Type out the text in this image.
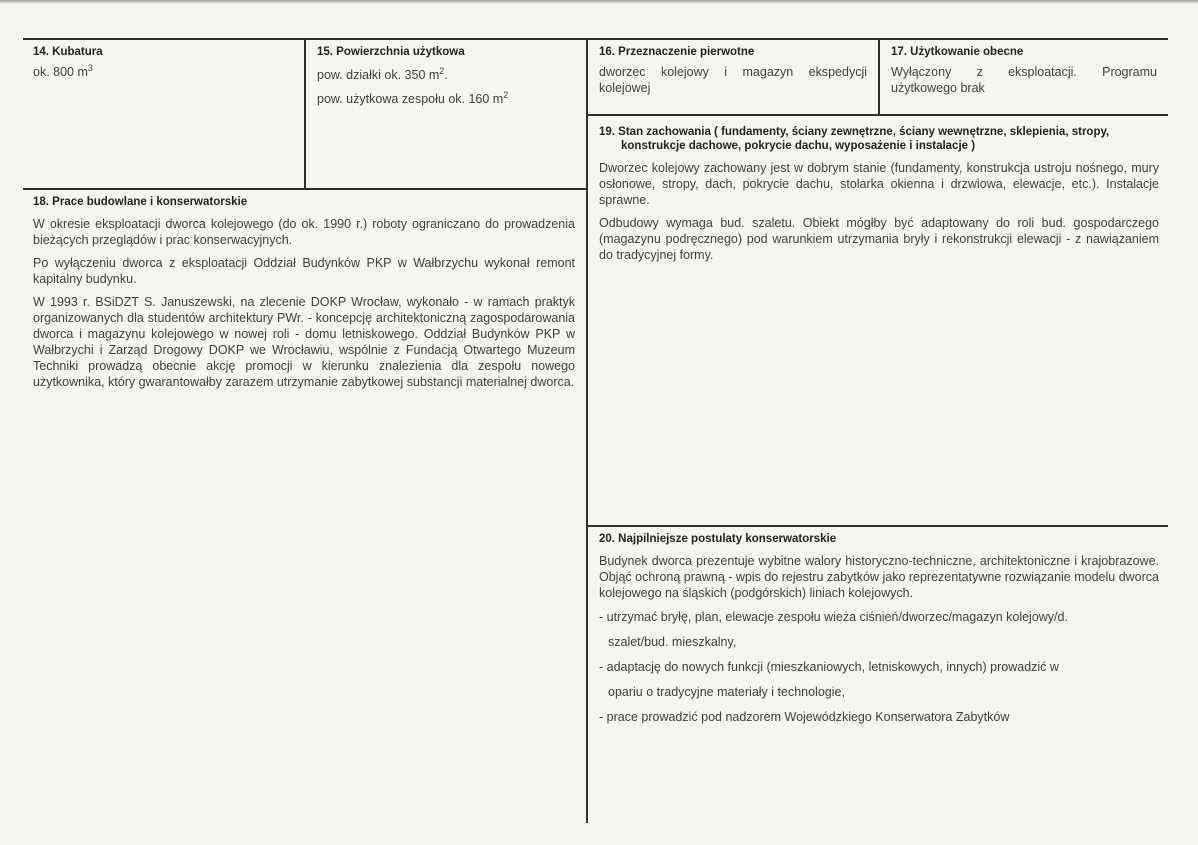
14. Kubatura
ok. 800 $m^3$
15. Powierzchnia użytkowa
pow. działki ok. 350 $m^2$.
pow. użytkowa zespołu ok. 160 $m^2$
16. Przeznaczenie pierwotne
dworzec kolejowy i magazyn ekspedycji kolejowej
17. Użytkowanie obecne
Wyłączony z eksploatacji. Programu użytkowego brak
18. Prace budowlane i konserwatorskie

W okresie eksploatacji dworca kolejowego (do ok. 1990 r.) roboty ograniczano do prowadzenia bieżących przeglądów i prac konserwacyjnych.

Po wyłączeniu dworca z eksploatacji Oddział Budynków PKP w Wałbrzychu wykonał remont kapitalny budynku.

W 1993 r. BSiDZT S. Januszewski, na zlecenie DOKP Wrocław, wykonało - w ramach praktyk organizowanych dla studentów architektury PWr. - koncepcję architektoniczną zagospodarowania dworca i magazynu kolejowego w nowej roli - domu letniskowego. Oddział Budynków PKP w Wałbrzychi i Zarząd Drogowy DOKP we Wrocławiu, wspólnie z Fundacją Otwartego Muzeum Techniki prowadzą obecnie akcję promocji w kierunku znalezienia dla zespołu nowego użytkownika, który gwarantowałby zarazem utrzymanie zabytkowej substancji materialnej dworca.

19. Stan zachowania ( fundamenty, ściany zewnętrzne, ściany wewnętrzne, sklepienia, stropy,
konstrukcje dachowe, pokrycie dachu, wyposażenie i instalacje )

Dworzec kolejowy zachowany jest w dobrym stanie (fundamenty, konstrukcja ustroju nośnego, mury osłonowe, stropy, dach, pokrycie dachu, stolarka okienna i drzwiowa, elewacje, etc.). Instalacje sprawne.

Odbudowy wymaga bud. szaletu. Obiekt mógłby być adaptowany do roli bud. gospodarczego (magazynu podręcznego) pod warunkiem utrzymania bryły i rekonstrukcji elewacji - z nawiązaniem do tradycyjnej formy.

20. Najpilniejsze postulaty konserwatorskie
Budynek dworca prezentuje wybitne walory historyczno-techniczne, architektoniczne i krajobrazowe. Objąć ochroną prawną - wpis do rejestru zabytków jako reprezentatywne rozwiązanie modelu dworca kolejowego na śląskich (podgórskich) liniach kolejowych.

- utrzymać bryłę, plan, elewacje zespołu wieża ciśnień/dworzec/magazyn kolejowy/d.

szalet/bud. mieszkalny,

- adaptację do nowych funkcji (mieszkaniowych, letniskowych, innych) prowadzić w

opariu o tradycyjne materiały i technologie,

- prace prowadzić pod nadzorem Wojewódzkiego Konserwatora Zabytków
